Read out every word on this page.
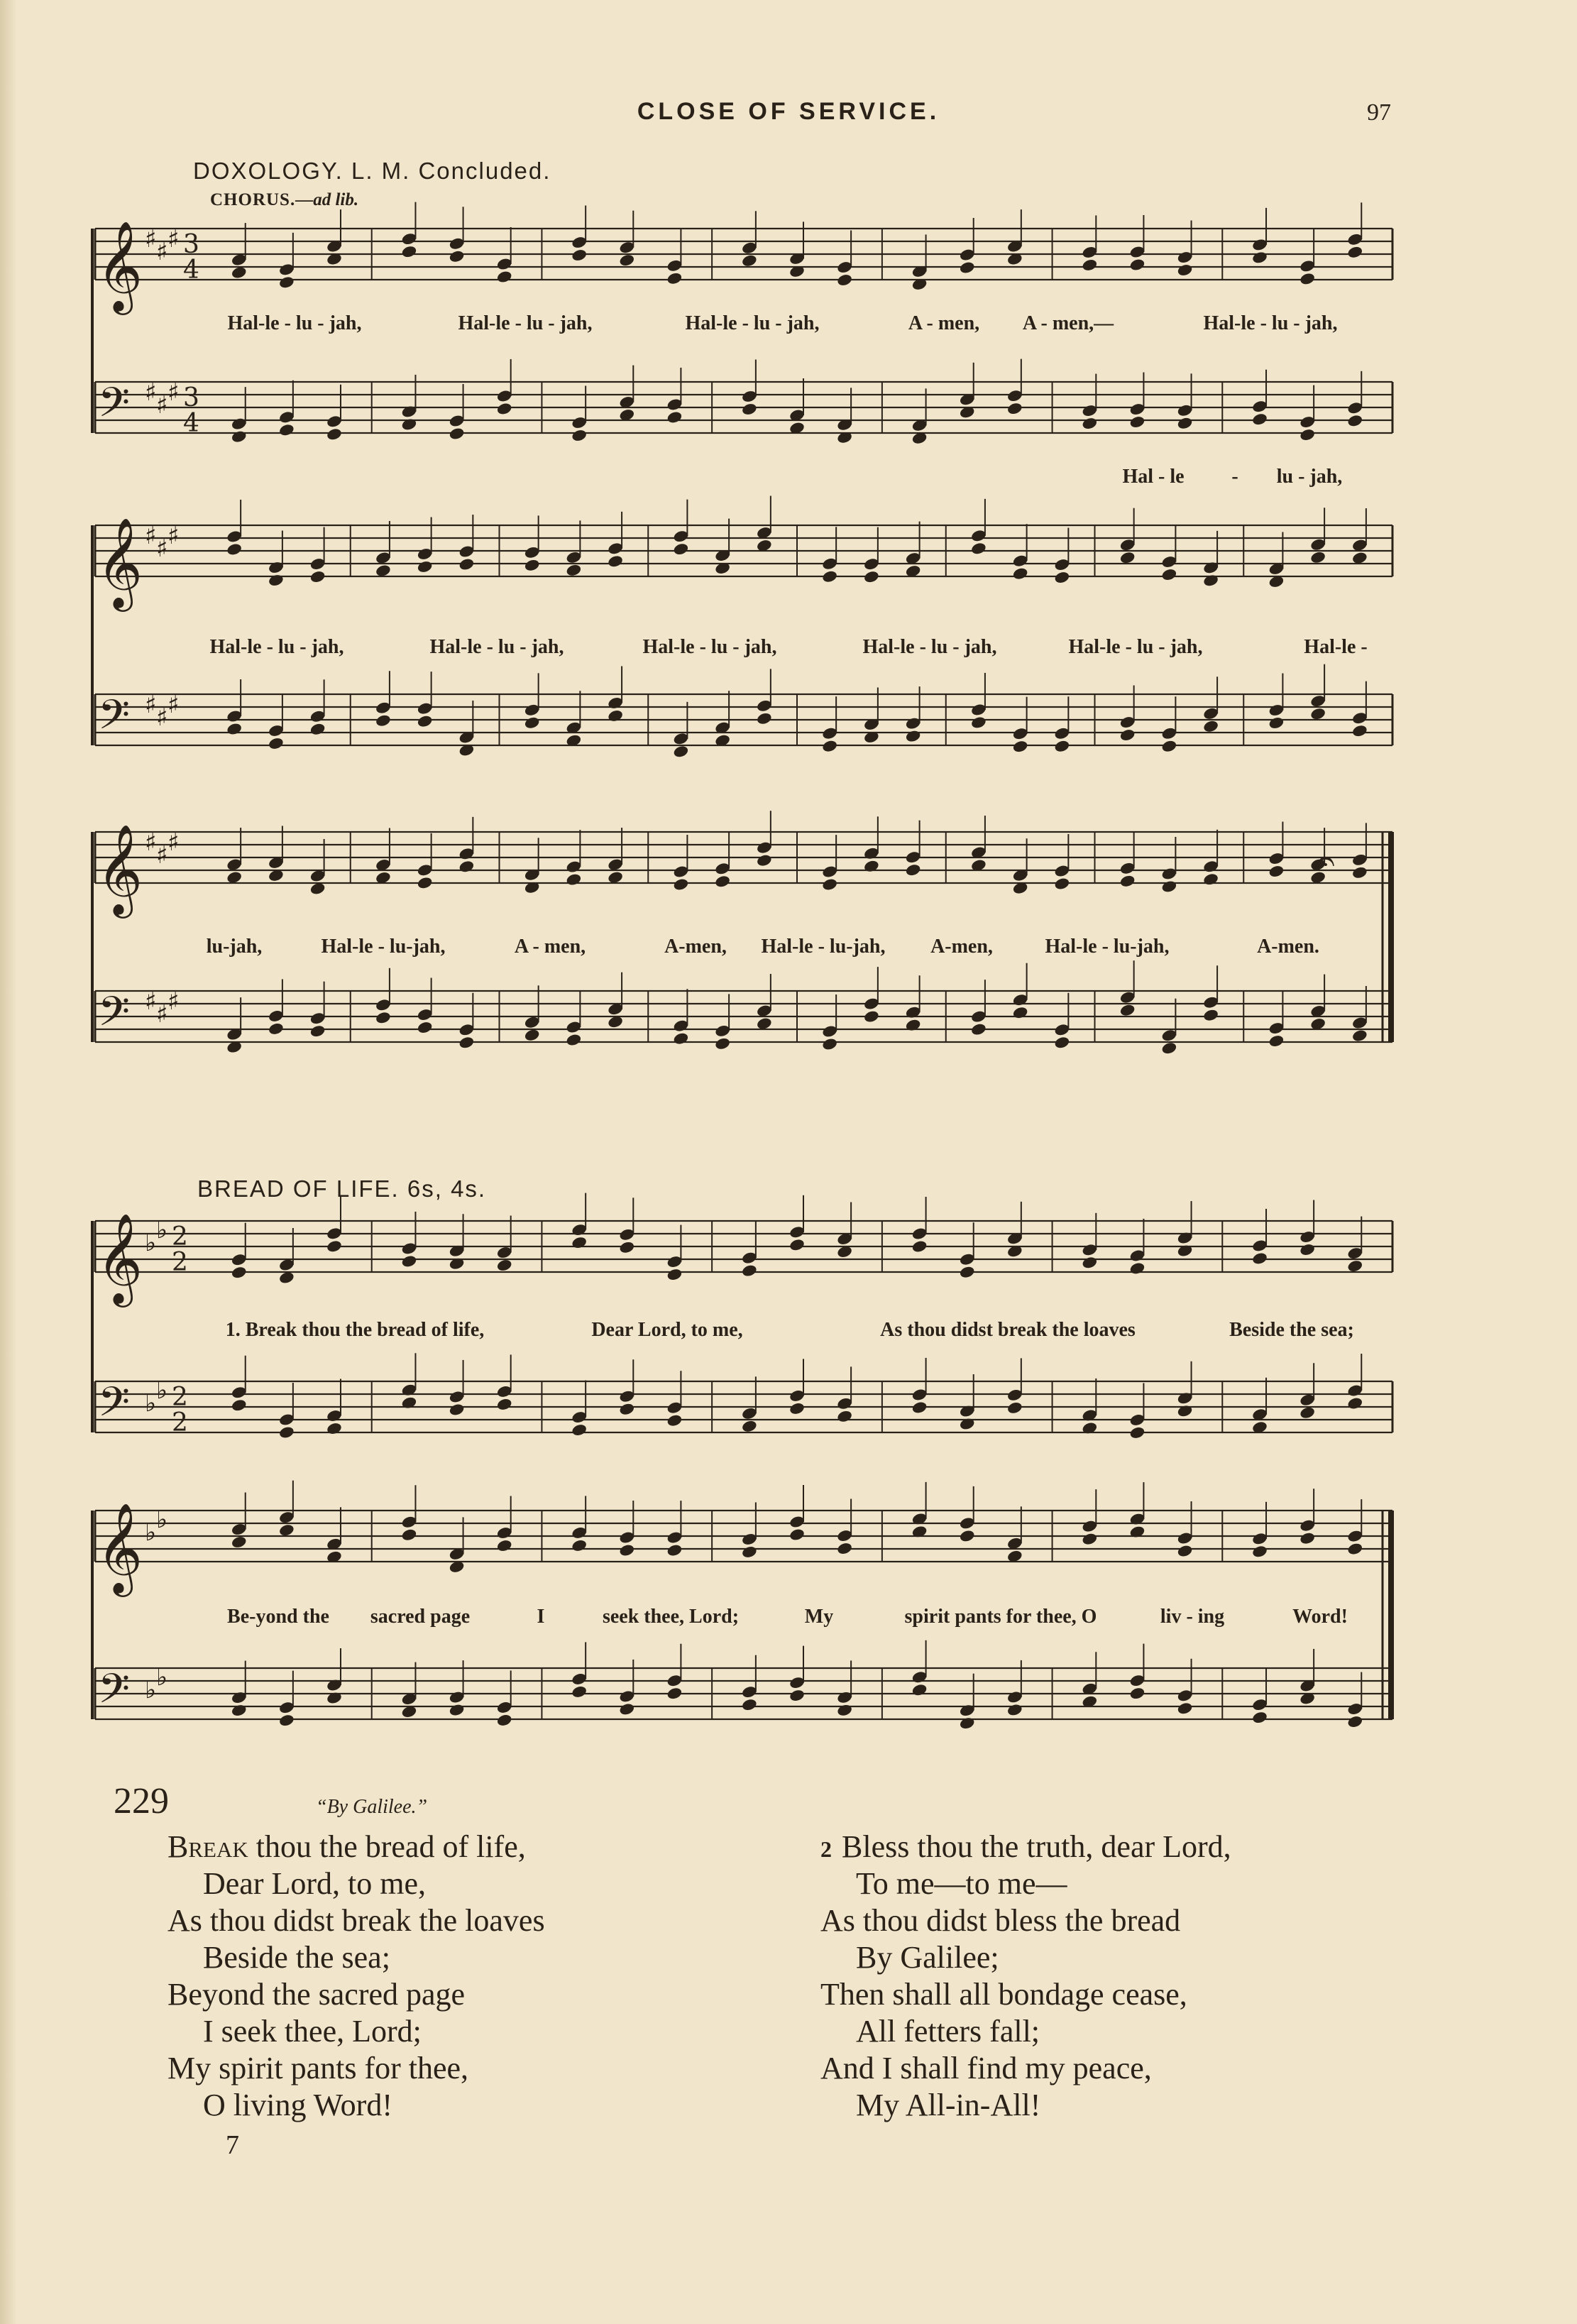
CLOSE OF SERVICE.	97
DOXOLOGY. L. M. Concluded.
CHORUS.—ad lib.
BREAD OF LIFE. 6s, 4s.
𝄞 ♯ ♯ ♯ 3
4
𝄢 ♯ ♯ ♯ 3
4
𝄞 ♯ ♯ ♯
𝄢 ♯ ♯ ♯
𝄞 ♯ ♯ ♯
𝄢 ♯ ♯ ♯
𝄞 ♭ ♭ 2
2
𝄢 ♭ ♭ 2
2
𝄞 ♭ ♭
𝄢 ♭ ♭
𝄐
Hal-le - lu - jah,	Hal-le - lu - jah,	Hal-le - lu - jah,	A - men, A - men,—	Hal-le - lu - jah,
Hal - le - lu - jah,
Hal-le - lu - jah,	Hal-le - lu - jah,	Hal-le - lu - jah,	Hal-le - lu - jah,	Hal-le - lu - jah,	Hal-le -
lu-jah,	Hal-le - lu-jah,	A - men,	A-men, Hal-le - lu-jah, A-men,	Hal-le - lu-jah,	A-men.
1. Break thou the bread of life,	Dear Lord, to me,	As thou didst break the loaves	Beside the sea;
Be-yond the sacred page	I	seek thee, Lord;	My	spirit pants for thee, O	liv - ing	Word!
229	“By Galilee.”
Break thou the bread of life,
Dear Lord, to me,
As thou didst break the loaves
Beside the sea;
Beyond the sacred page
I seek thee, Lord;
My spirit pants for thee,
O living Word!
2 Bless thou the truth, dear Lord,
To me—to me—
As thou didst bless the bread
By Galilee;
Then shall all bondage cease,
All fetters fall;
And I shall find my peace,
My All-in-All!
7
